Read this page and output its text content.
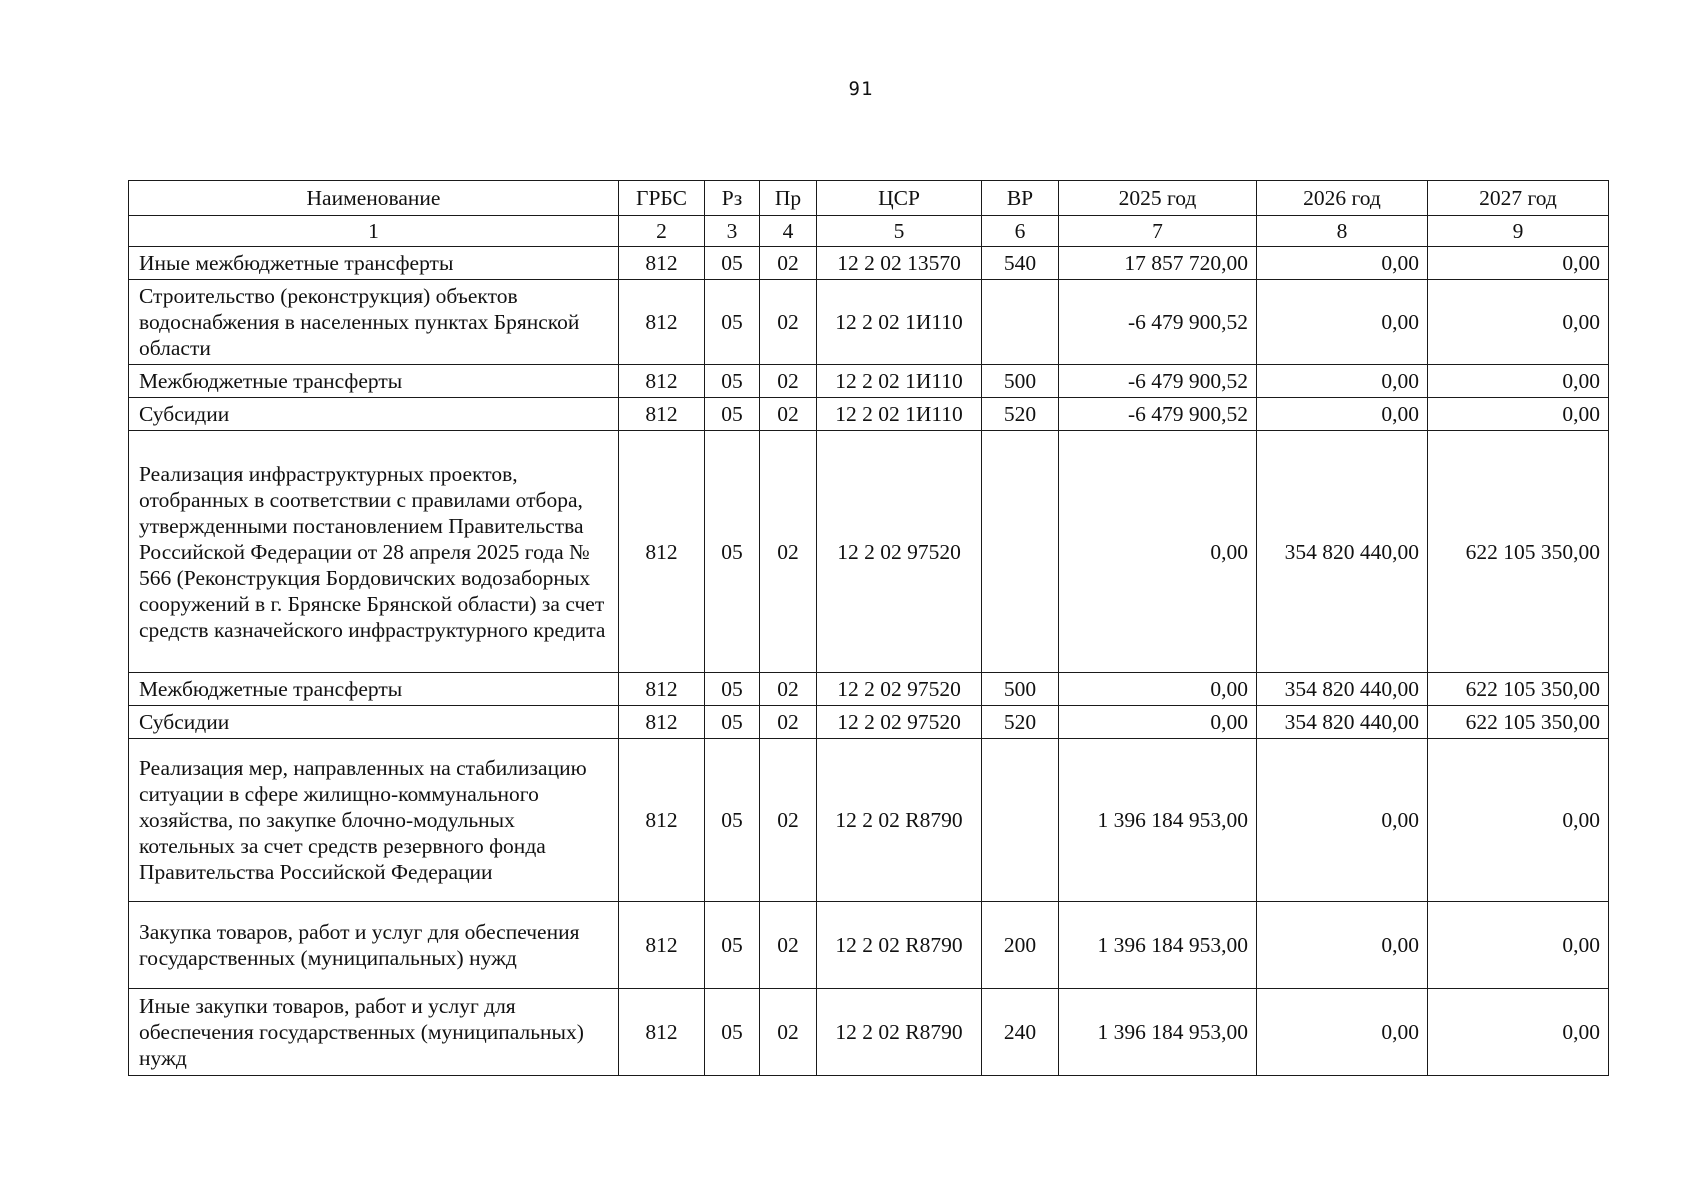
91
Наименование	ГРБС	Рз	Пр	ЦСР	ВР	2025 год	2026 год	2027 год
1	2	3	4	5	6	7	8	9
Иные межбюджетные трансферты	812	05	02	12 2 02 13570	540	17 857 720,00	0,00	0,00
Строительство (реконструкция) объектов водоснабжения в населенных пунктах Брянской области	812	05	02	12 2 02 1И110		-6 479 900,52	0,00	0,00
Межбюджетные трансферты	812	05	02	12 2 02 1И110	500	-6 479 900,52	0,00	0,00
Субсидии	812	05	02	12 2 02 1И110	520	-6 479 900,52	0,00	0,00
Реализация инфраструктурных проектов, отобранных в соответствии с правилами отбора, утвержденными постановлением Правительства Российской Федерации от 28 апреля 2025 года № 566 (Реконструкция Бордовичских водозаборных сооружений в г. Брянске Брянской области) за счет средств казначейского инфраструктурного кредита	812	05	02	12 2 02 97520		0,00	354 820 440,00	622 105 350,00
Межбюджетные трансферты	812	05	02	12 2 02 97520	500	0,00	354 820 440,00	622 105 350,00
Субсидии	812	05	02	12 2 02 97520	520	0,00	354 820 440,00	622 105 350,00
Реализация мер, направленных на стабилизацию ситуации в сфере жилищно-коммунального хозяйства, по закупке блочно-модульных котельных за счет средств резервного фонда Правительства Российской Федерации	812	05	02	12 2 02 R8790		1 396 184 953,00	0,00	0,00
Закупка товаров, работ и услуг для обеспечения государственных (муниципальных) нужд	812	05	02	12 2 02 R8790	200	1 396 184 953,00	0,00	0,00
Иные закупки товаров, работ и услуг для обеспечения государственных (муниципальных) нужд	812	05	02	12 2 02 R8790	240	1 396 184 953,00	0,00	0,00
